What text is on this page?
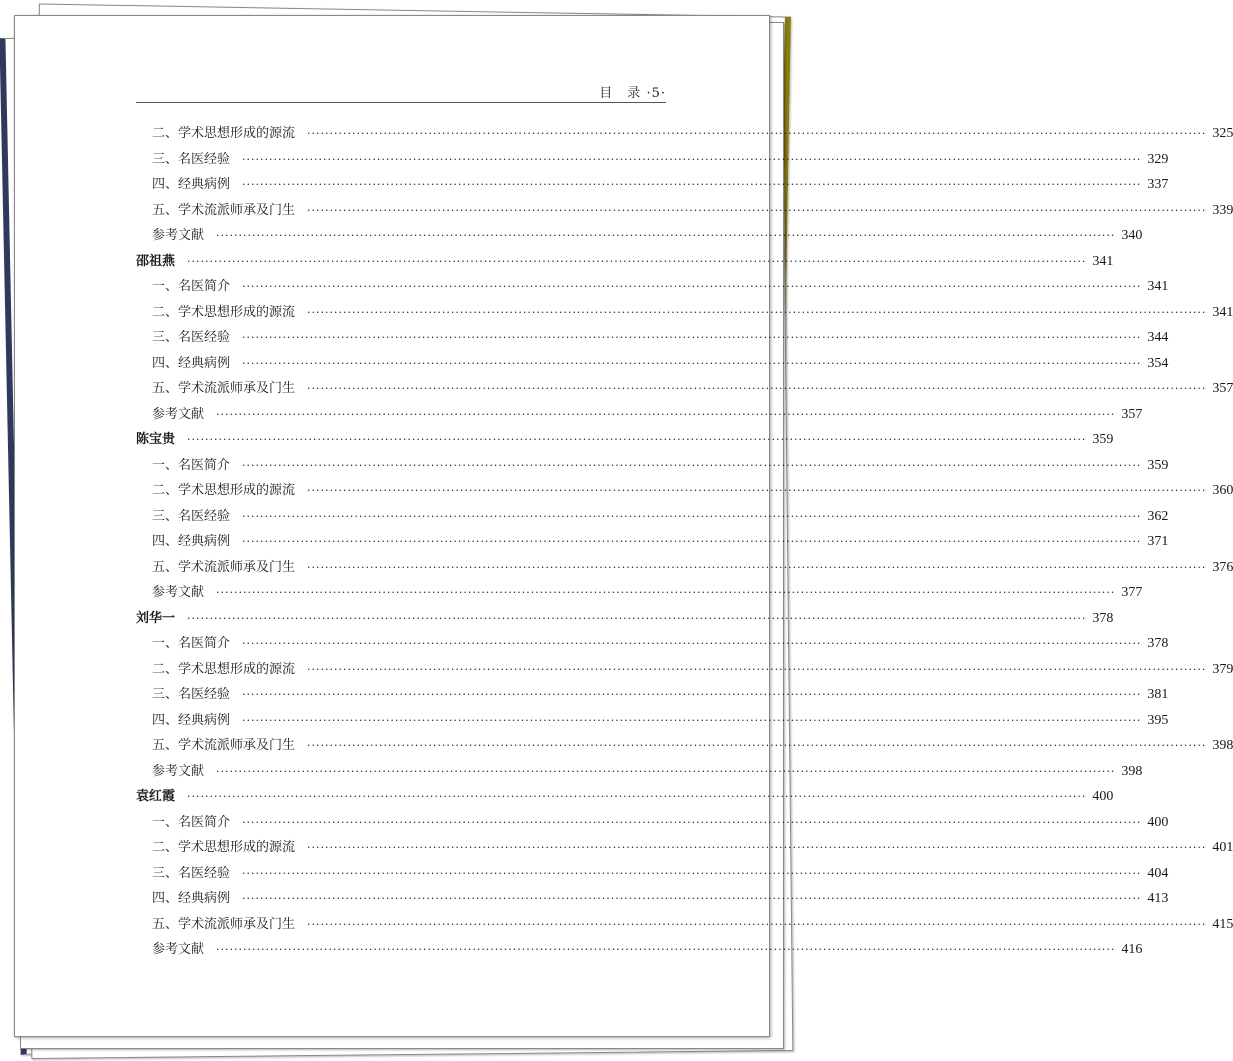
目　录 ·5·
二、学术思想形成的源流 ········································································································································································································ 325
三、名医经验 ········································································································································································································ 329
四、经典病例 ········································································································································································································ 337
五、学术流派师承及门生 ········································································································································································································ 339
参考文献 ········································································································································································································ 340
邵祖燕 ········································································································································································································ 341
一、名医简介 ········································································································································································································ 341
二、学术思想形成的源流 ········································································································································································································ 341
三、名医经验 ········································································································································································································ 344
四、经典病例 ········································································································································································································ 354
五、学术流派师承及门生 ········································································································································································································ 357
参考文献 ········································································································································································································ 357
陈宝贵 ········································································································································································································ 359
一、名医简介 ········································································································································································································ 359
二、学术思想形成的源流 ········································································································································································································ 360
三、名医经验 ········································································································································································································ 362
四、经典病例 ········································································································································································································ 371
五、学术流派师承及门生 ········································································································································································································ 376
参考文献 ········································································································································································································ 377
刘华一 ········································································································································································································ 378
一、名医简介 ········································································································································································································ 378
二、学术思想形成的源流 ········································································································································································································ 379
三、名医经验 ········································································································································································································ 381
四、经典病例 ········································································································································································································ 395
五、学术流派师承及门生 ········································································································································································································ 398
参考文献 ········································································································································································································ 398
袁红霞 ········································································································································································································ 400
一、名医简介 ········································································································································································································ 400
二、学术思想形成的源流 ········································································································································································································ 401
三、名医经验 ········································································································································································································ 404
四、经典病例 ········································································································································································································ 413
五、学术流派师承及门生 ········································································································································································································ 415
参考文献 ········································································································································································································ 416
